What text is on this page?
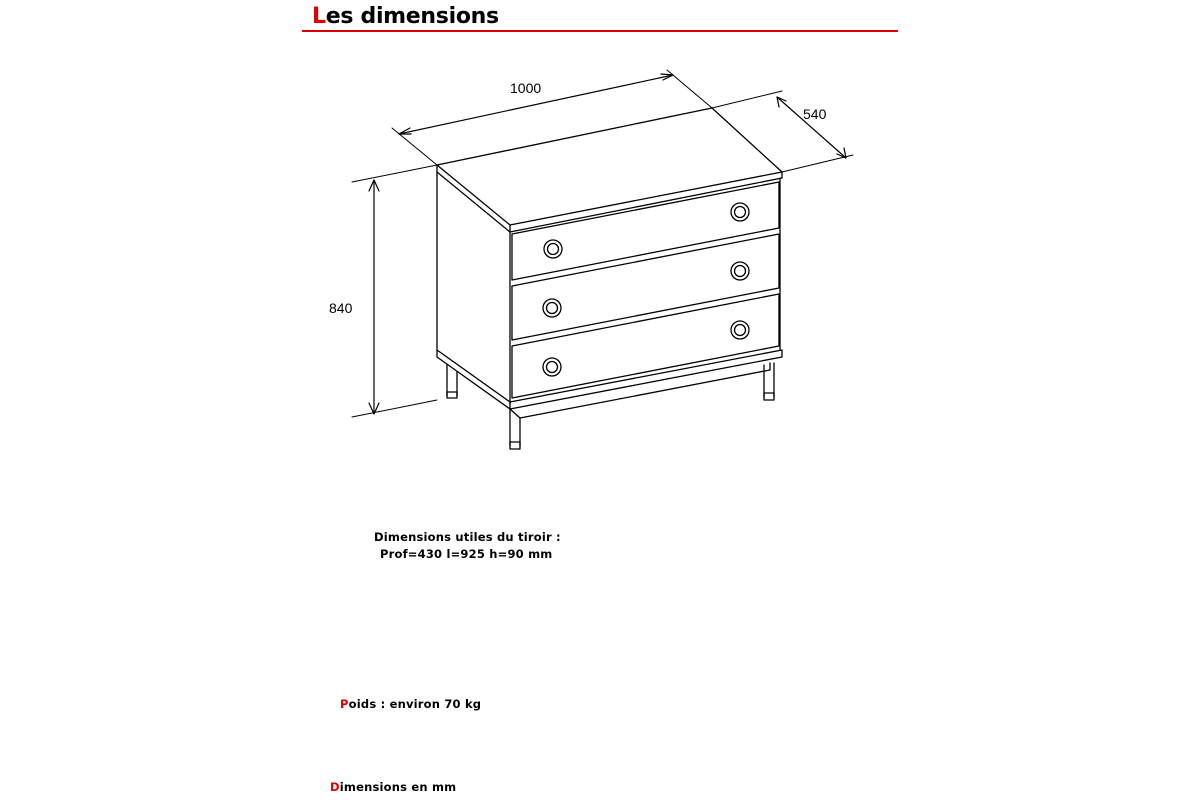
Les dimensions
1000
540
840
Dimensions utiles du tiroir :
Prof=430 l=925 h=90 mm
Poids : environ 70 kg
Dimensions en mm
